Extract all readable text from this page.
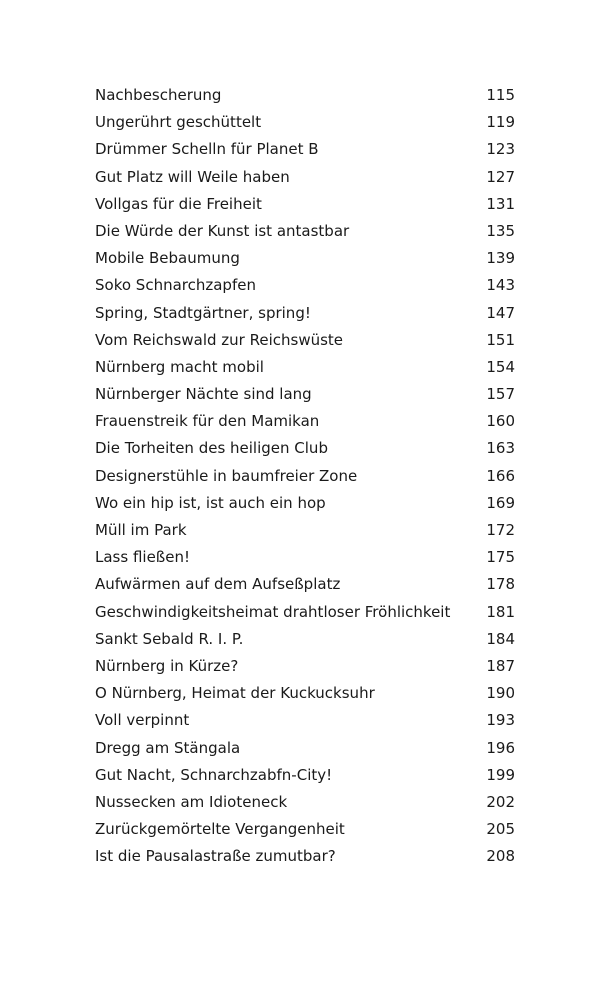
Nachbescherung	115
Ungerührt geschüttelt	119
Drümmer Schelln für Planet B	123
Gut Platz will Weile haben	127
Vollgas für die Freiheit	131
Die Würde der Kunst ist antastbar	135
Mobile Bebaumung	139
Soko Schnarchzapfen	143
Spring, Stadtgärtner, spring!	147
Vom Reichswald zur Reichswüste	151
Nürnberg macht mobil	154
Nürnberger Nächte sind lang	157
Frauenstreik für den Mamikan	160
Die Torheiten des heiligen Club	163
Designerstühle in baumfreier Zone	166
Wo ein hip ist, ist auch ein hop	169
Müll im Park	172
Lass fließen!	175
Aufwärmen auf dem Aufseßplatz	178
Geschwindigkeitsheimat drahtloser Fröhlichkeit 181
Sankt Sebald R. I. P.	184
Nürnberg in Kürze?	187
O Nürnberg, Heimat der Kuckucksuhr	190
Voll verpinnt	193
Dregg am Stängala	196
Gut Nacht, Schnarchzabfn-City!	199
Nussecken am Idioteneck	202
Zurückgemörtelte Vergangenheit	205
Ist die Pausalastraße zumutbar?	208
